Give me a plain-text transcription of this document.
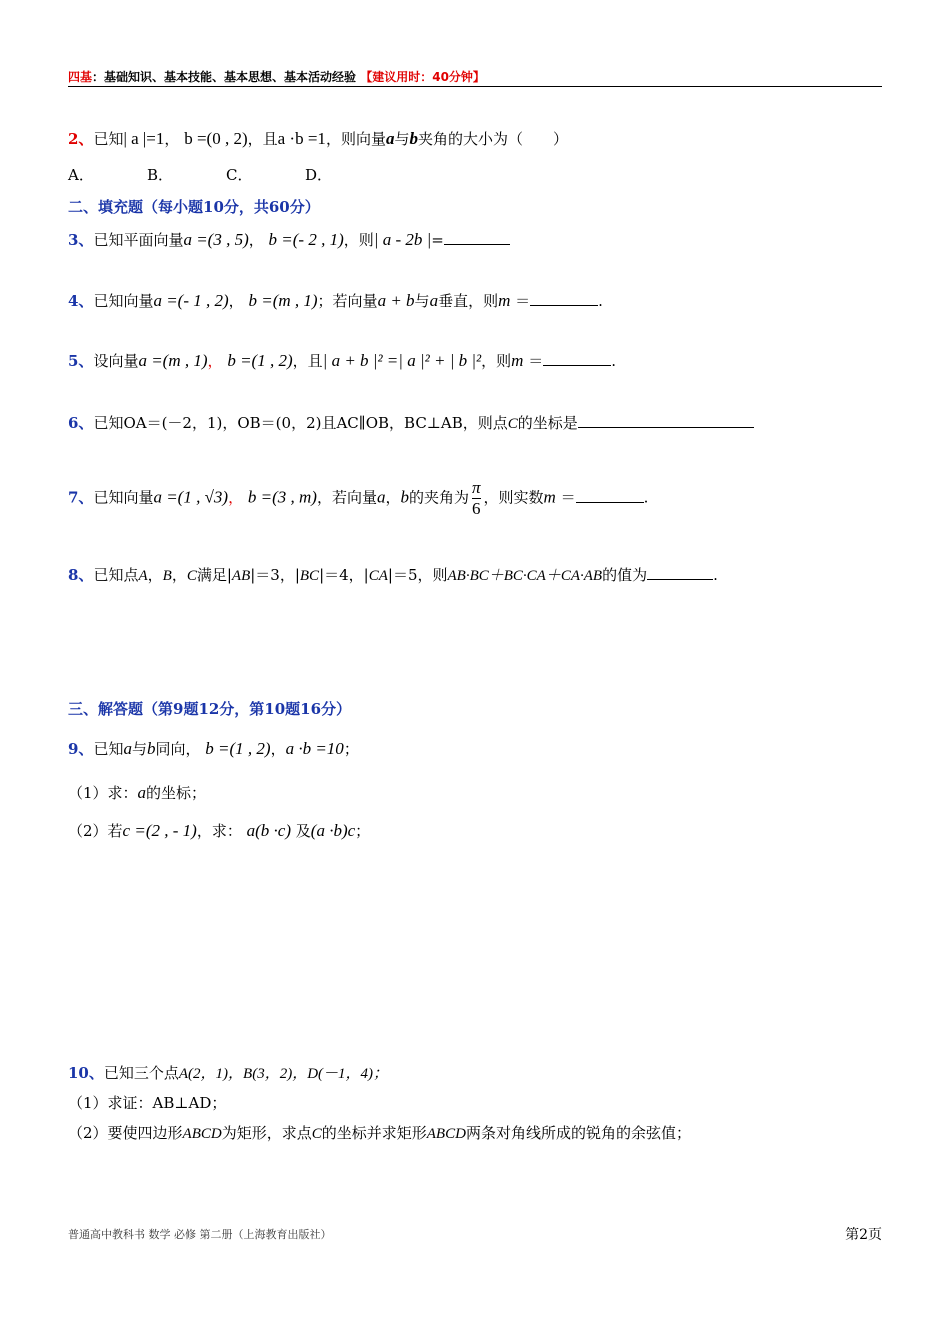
四基：基础知识、基本技能、基本思想、基本活动经验 【建议用时：40分钟】
2、已知| a |=1， b =(0 , 2)，且a ·b =1，则向量a与b夹角的大小为（　　）
A．	B．	C．	D．
二、填充题（每小题10分，共60分）
3、已知平面向量a =(3 , 5)， b =(- 2 , 1)，则| a - 2b |=
4、已知向量a =(- 1 , 2)， b =(m , 1)；若向量a + b与a垂直，则m ＝	.
5、设向量a =(m , 1)， b =(1 , 2)，且| a + b |² =| a |² + | b |²，则m ＝	.
6、已知OA＝(－2，1)，OB＝(0，2)且AC∥OB，BC⊥AB，则点C的坐标是
7、已知向量a =(1 , √3)， b =(3 , m)，若向量a，b的夹角为 $\frac{\pi}{6}$ ，则实数m ＝	.
8、已知点A，B，C满足|AB|＝3，|BC|＝4，|CA|＝5，则AB·BC＋BC·CA＋CA·AB的值为	.
三、解答题（第9题12分，第10题16分）
9、已知a与b同向， b =(1 , 2)，a ·b =10；
（1）求：a的坐标；
（2）若c =(2 , - 1)，求： a(b ·c) 及(a ·b)c；
10、已知三个点A(2，1)，B(3，2)，D(－1，4)；
（1）求证：AB⊥AD；
（2）要使四边形ABCD为矩形，求点C的坐标并求矩形ABCD两条对角线所成的锐角的余弦值；
普通高中教科书 数学 必修 第二册（上海教育出版社）	第2页
